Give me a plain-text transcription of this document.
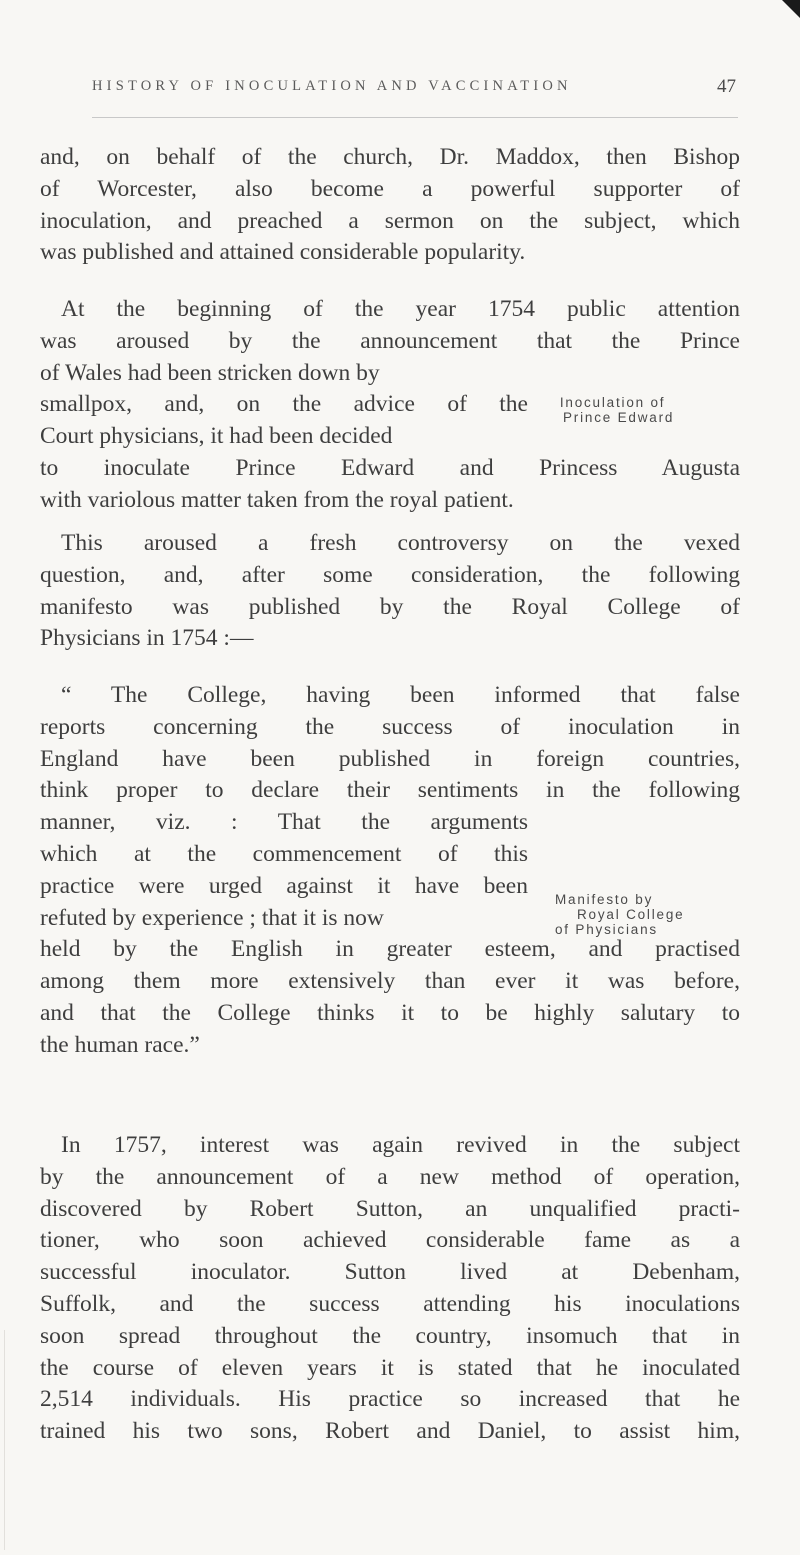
HISTORY OF INOCULATION AND VACCINATION	47

and, on behalf of the church, Dr. Maddox, then Bishop
of Worcester, also become a powerful supporter of
inoculation, and preached a sermon on the subject, which
was published and attained considerable popularity.

At the beginning of the year 1754 public attention
was aroused by the announcement that the Prince
of Wales had been stricken down by
smallpox, and, on the advice of the
Court physicians, it had been decided
to inoculate Prince Edward and Princess Augusta
with variolous matter taken from the royal patient.

Inoculation of
Prince Edward

This aroused a fresh controversy on the vexed
question, and, after some consideration, the following
manifesto was published by the Royal College of
Physicians in 1754 :—

“ The College, having been informed that false
reports concerning the success of inoculation in
England have been published in foreign countries,
think proper to declare their sentiments in the following
manner, viz. : That the arguments
which at the commencement of this
practice were urged against it have been
refuted by experience ; that it is now
held by the English in greater esteem, and practised
among them more extensively than ever it was before,
and that the College thinks it to be highly salutary to
the human race.”

Manifesto by
Royal College
of Physicians

In 1757, interest was again revived in the subject
by the announcement of a new method of operation,
discovered by Robert Sutton, an unqualified practi-
tioner, who soon achieved considerable fame as a
successful inoculator. Sutton lived at Debenham,
Suffolk, and the success attending his inoculations
soon spread throughout the country, insomuch that in
the course of eleven years it is stated that he inoculated
2,514 individuals. His practice so increased that he
trained his two sons, Robert and Daniel, to assist him,
